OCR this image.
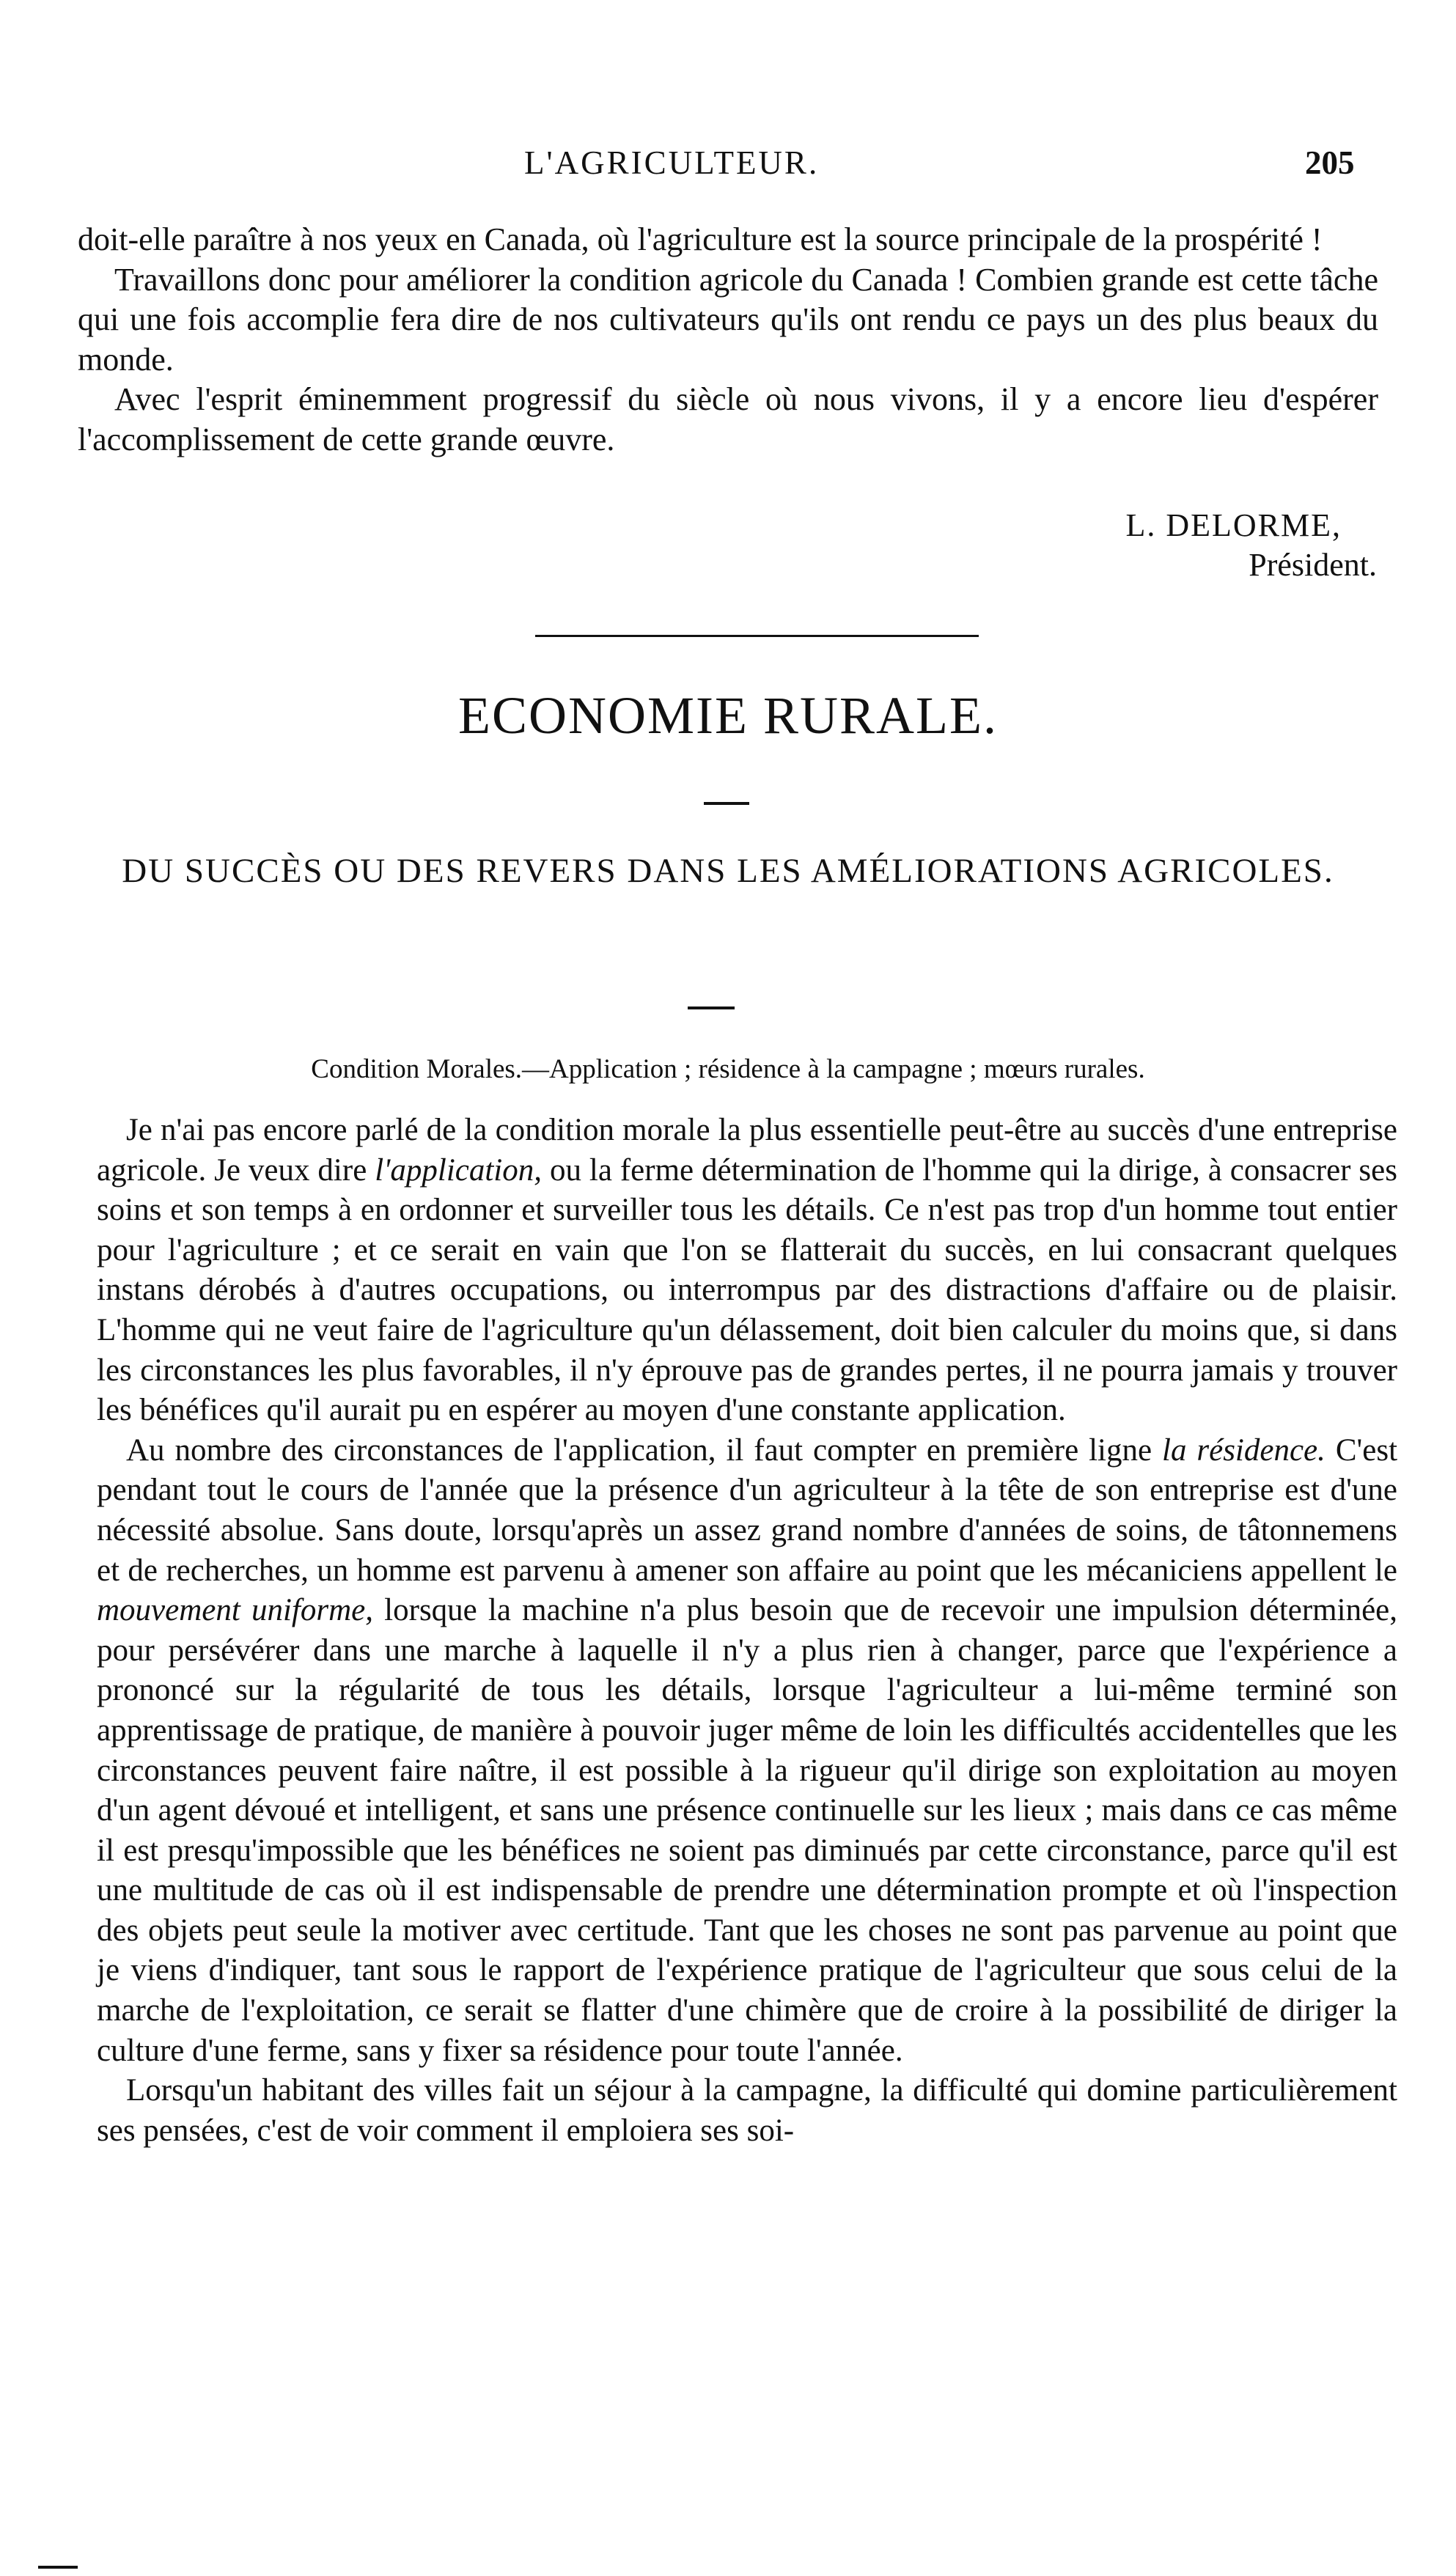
L'AGRICULTEUR.	205

doit-elle paraître à nos yeux en Canada, où l'agriculture est la source principale de la prospérité !

Travaillons donc pour améliorer la condition agricole du Canada ! Combien grande est cette tâche qui une fois accomplie fera dire de nos cultivateurs qu'ils ont rendu ce pays un des plus beaux du monde.

Avec l'esprit éminemment progressif du siècle où nous vivons, il y a encore lieu d'espérer l'accomplissement de cette grande œuvre.

L. DELORME,
Président.
ECONOMIE RURALE.
DU SUCCÈS OU DES REVERS DANS LES AMÉLIORATIONS AGRICOLES.
Condition Morales.—Application ; résidence à la campagne ; mœurs rurales.

Je n'ai pas encore parlé de la condition morale la plus essentielle peut-être au succès d'une entreprise agricole. Je veux dire l'application, ou la ferme détermination de l'homme qui la dirige, à consacrer ses soins et son temps à en ordonner et surveiller tous les détails. Ce n'est pas trop d'un homme tout entier pour l'agriculture ; et ce serait en vain que l'on se flatterait du succès, en lui consacrant quelques instans dérobés à d'autres occupations, ou interrompus par des distractions d'affaire ou de plaisir. L'homme qui ne veut faire de l'agriculture qu'un délassement, doit bien calculer du moins que, si dans les circonstances les plus favorables, il n'y éprouve pas de grandes pertes, il ne pourra jamais y trouver les bénéfices qu'il aurait pu en espérer au moyen d'une constante application.

Au nombre des circonstances de l'application, il faut compter en première ligne la résidence. C'est pendant tout le cours de l'année que la présence d'un agriculteur à la tête de son entreprise est d'une nécessité absolue. Sans doute, lorsqu'après un assez grand nombre d'années de soins, de tâtonnemens et de recherches, un homme est parvenu à amener son affaire au point que les mécaniciens appellent le mouvement uniforme, lorsque la machine n'a plus besoin que de recevoir une impulsion déterminée, pour persévérer dans une marche à laquelle il n'y a plus rien à changer, parce que l'expérience a prononcé sur la régularité de tous les détails, lorsque l'agriculteur a lui-même terminé son apprentissage de pratique, de manière à pouvoir juger même de loin les difficultés accidentelles que les circonstances peuvent faire naître, il est possible à la rigueur qu'il dirige son exploitation au moyen d'un agent dévoué et intelligent, et sans une présence continuelle sur les lieux ; mais dans ce cas même il est presqu'impossible que les bénéfices ne soient pas diminués par cette circonstance, parce qu'il est une multitude de cas où il est indispensable de prendre une détermination prompte et où l'inspection des objets peut seule la motiver avec certitude. Tant que les choses ne sont pas parvenue au point que je viens d'indiquer, tant sous le rapport de l'expérience pratique de l'agriculteur que sous celui de la marche de l'exploitation, ce serait se flatter d'une chimère que de croire à la possibilité de diriger la culture d'une ferme, sans y fixer sa résidence pour toute l'année.

Lorsqu'un habitant des villes fait un séjour à la campagne, la difficulté qui domine particulièrement ses pensées, c'est de voir comment il emploiera ses soi-
